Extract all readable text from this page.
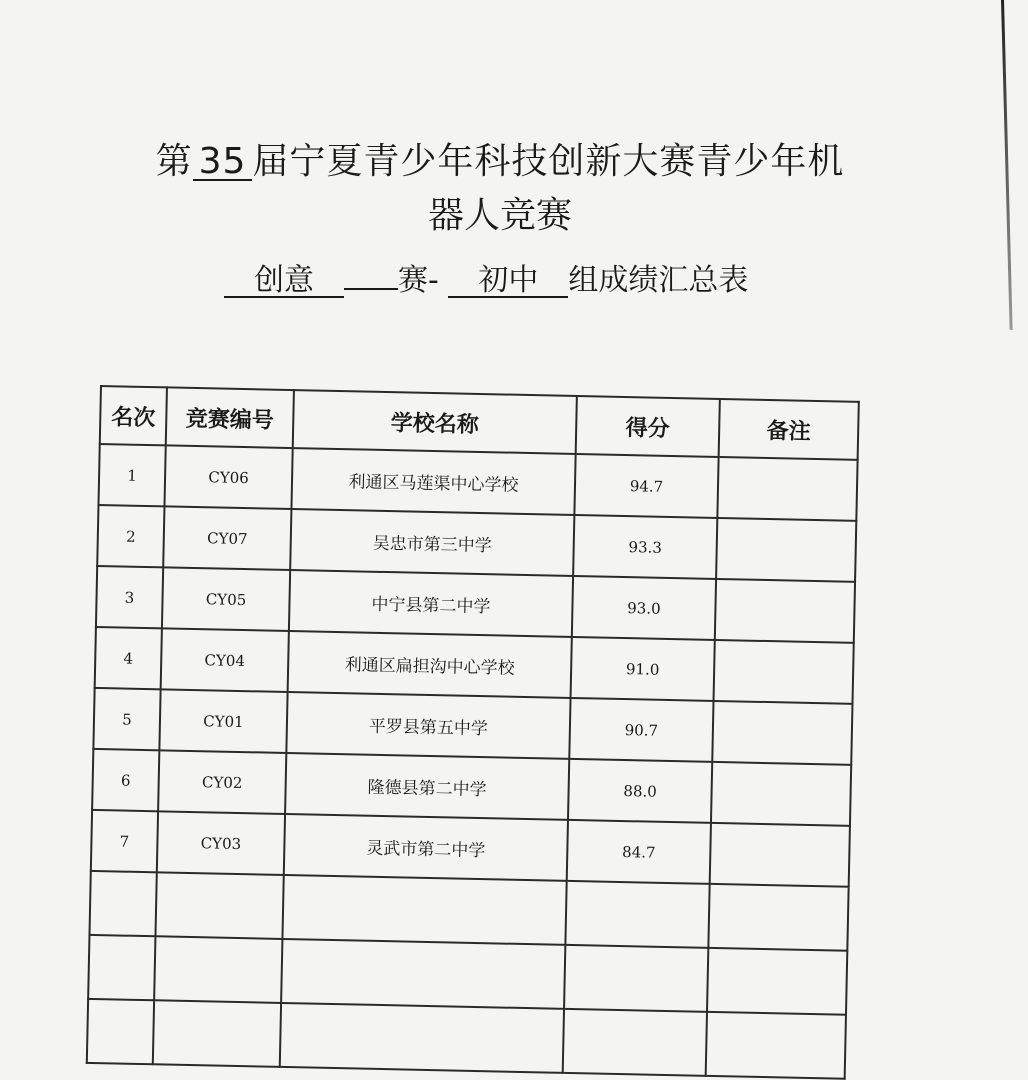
第 35 届宁夏青少年科技创新大赛青少年机
器人竞赛
创意	赛- 初中 组成绩汇总表
名次	竞赛编号	学校名称	得分	备注
1	CY06	利通区马莲渠中心学校	94.7	
2	CY07	吴忠市第三中学	93.3	
3	CY05	中宁县第二中学	93.0	
4	CY04	利通区扁担沟中心学校	91.0	
5	CY01	平罗县第五中学	90.7	
6	CY02	隆德县第二中学	88.0	
7	CY03	灵武市第二中学	84.7	
